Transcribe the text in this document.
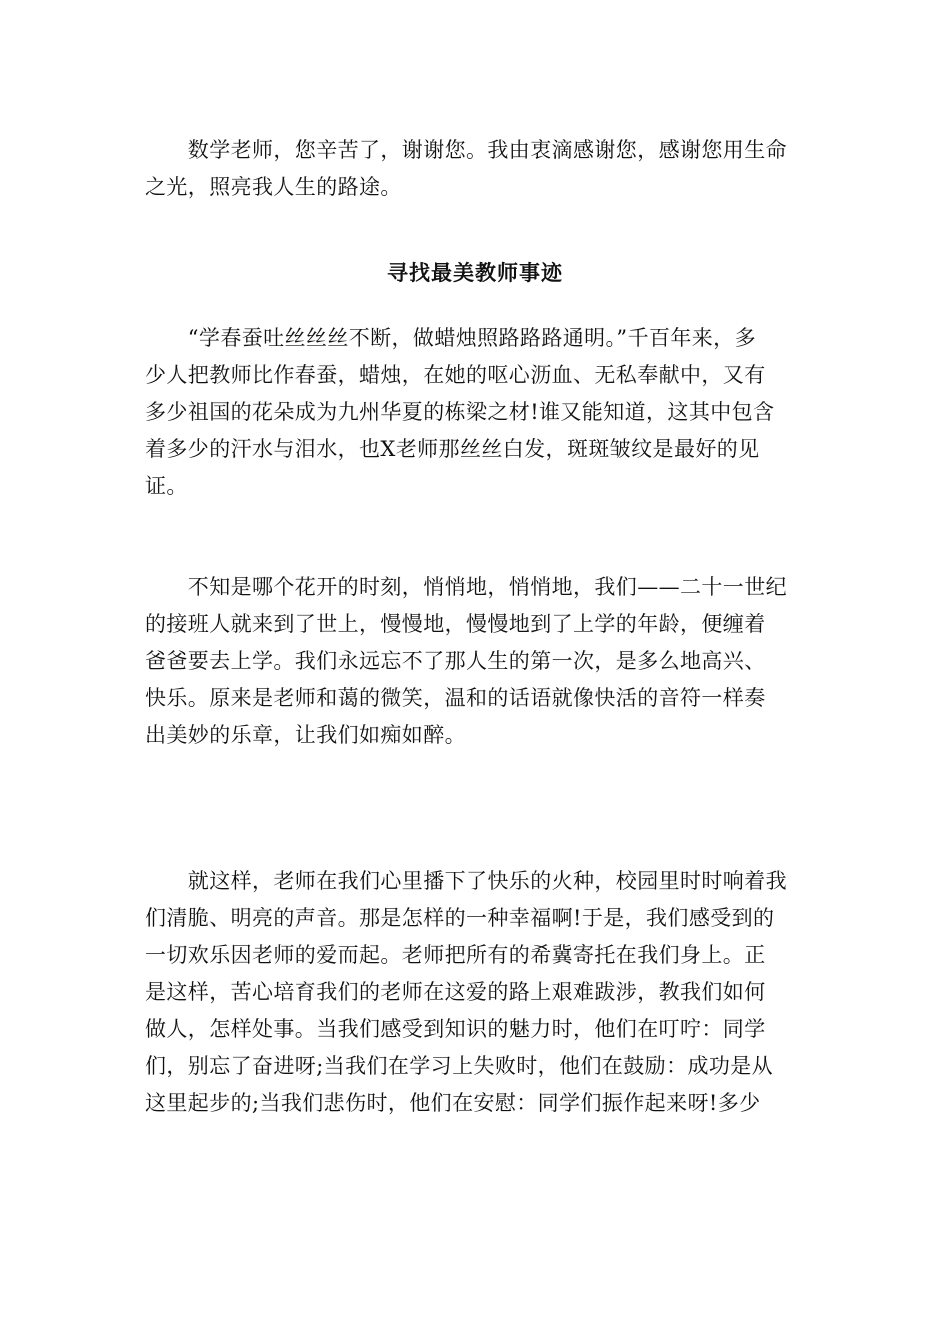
　　数学老师，您辛苦了，谢谢您。我由衷滴感谢您，感谢您用生命
之光，照亮我人生的路途。
寻找最美教师事迹
　　“学春蚕吐丝丝丝不断，做蜡烛照路路路通明。”千百年来，多
少人把教师比作春蚕，蜡烛，在她的呕心沥血、无私奉献中，又有
多少祖国的花朵成为九州华夏的栋梁之材!谁又能知道，这其中包含
着多少的汗水与泪水，也X老师那丝丝白发，斑斑皱纹是最好的见
证。
　　不知是哪个花开的时刻，悄悄地，悄悄地，我们——二十一世纪
的接班人就来到了世上，慢慢地，慢慢地到了上学的年龄，便缠着
爸爸要去上学。我们永远忘不了那人生的第一次，是多么地高兴、
快乐。原来是老师和蔼的微笑，温和的话语就像快活的音符一样奏
出美妙的乐章，让我们如痴如醉。
　　就这样，老师在我们心里播下了快乐的火种，校园里时时响着我
们清脆、明亮的声音。那是怎样的一种幸福啊!于是，我们感受到的
一切欢乐因老师的爱而起。老师把所有的希冀寄托在我们身上。正
是这样，苦心培育我们的老师在这爱的路上艰难跋涉，教我们如何
做人，怎样处事。当我们感受到知识的魅力时，他们在叮咛：同学
们，别忘了奋进呀;当我们在学习上失败时，他们在鼓励：成功是从
这里起步的;当我们悲伤时，他们在安慰：同学们振作起来呀!多少
